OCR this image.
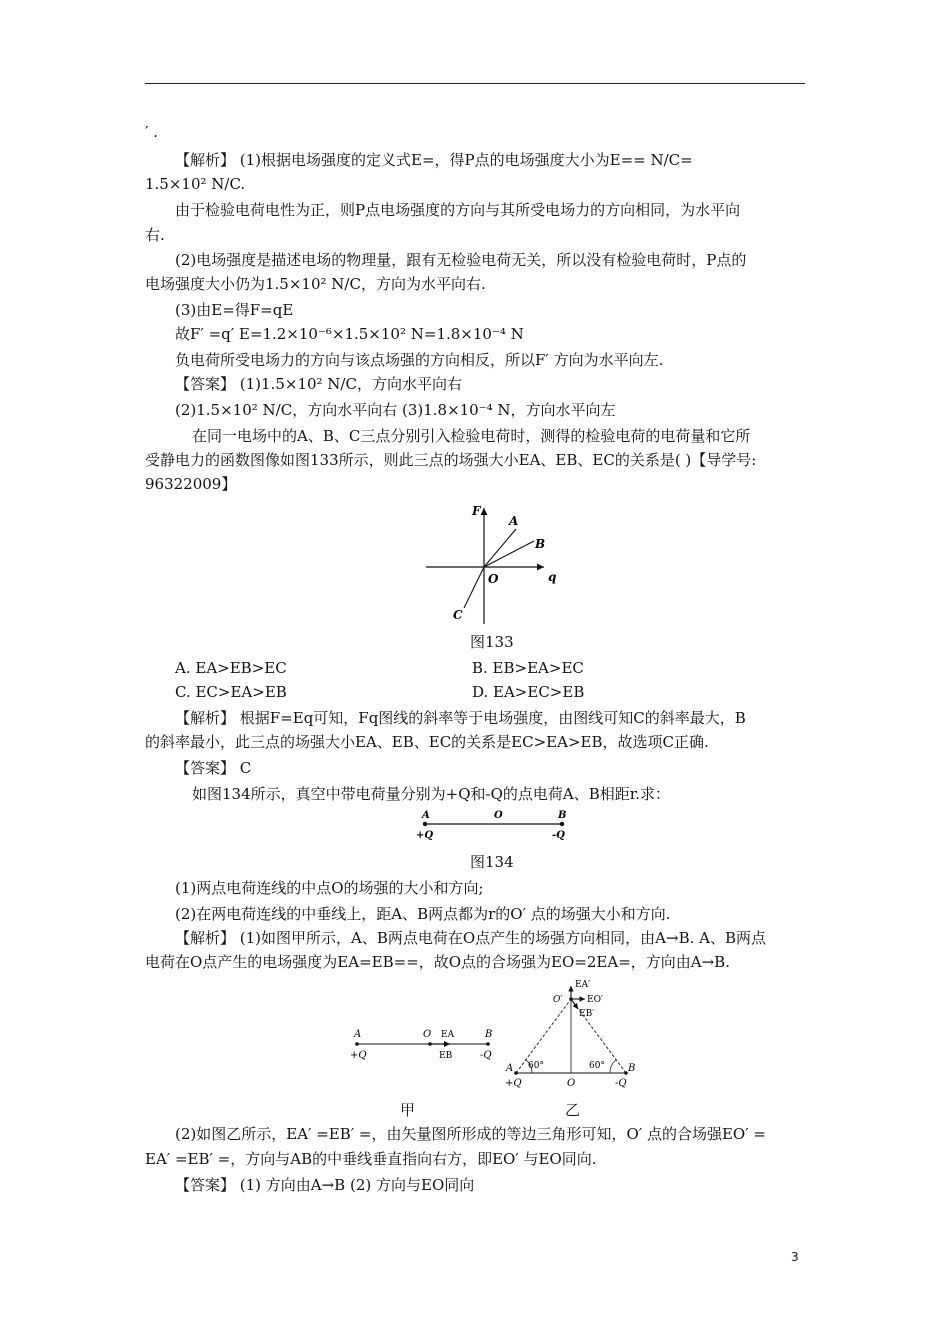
′ .
【解析】 (1)根据电场强度的定义式E=，得P点的电场强度大小为E== N/C=
1.5×10² N/C.
由于检验电荷电性为正，则P点电场强度的方向与其所受电场力的方向相同，为水平向
右.
(2)电场强度是描述电场的物理量，跟有无检验电荷无关，所以没有检验电荷时，P点的
电场强度大小仍为1.5×10² N/C，方向为水平向右.
(3)由E=得F=qE
故F′ =q′ E=1.2×10⁻⁶×1.5×10² N=1.8×10⁻⁴ N
负电荷所受电场力的方向与该点场强的方向相反，所以F′ 方向为水平向左.
【答案】 (1)1.5×10² N/C，方向水平向右
(2)1.5×10² N/C，方向水平向右 (3)1.8×10⁻⁴ N，方向水平向左
在同一电场中的A、B、C三点分别引入检验电荷时，测得的检验电荷的电荷量和它所
受静电力的函数图像如图133所示，则此三点的场强大小EA、EB、EC的关系是( )【导学号:
96322009】
F
q
O
A
B
C
图133
A. EA>EB>EC	B. EB>EA>EC
C. EC>EA>EB	D. EA>EC>EB
【解析】 根据F=Eq可知，Fq图线的斜率等于电场强度，由图线可知C的斜率最大，B
的斜率最小，此三点的场强大小EA、EB、EC的关系是EC>EA>EB，故选项C正确.
【答案】 C
如图134所示，真空中带电荷量分别为+Q和-Q的点电荷A、B相距r.求：
A	O	B
+Q	-Q
图134
(1)两点电荷连线的中点O的场强的大小和方向;
(2)在两电荷连线的中垂线上，距A、B两点都为r的O′ 点的场强大小和方向.
【解析】 (1)如图甲所示，A、B两点电荷在O点产生的场强方向相同，由A→B. A、B两点
电荷在O点产生的电场强度为EA=EB==，故O点的合场强为EO=2EA=，方向由A→B.
A	O EA	B
+Q	EB	-Q
甲
EA′
O′	EO′
EB′
A 60°	60° B
+Q	O	-Q
乙
(2)如图乙所示，EA′ =EB′ =，由矢量图所形成的等边三角形可知，O′ 点的合场强EO′ =
EA′ =EB′ =，方向与AB的中垂线垂直指向右方，即EO′ 与EO同向.
【答案】 (1) 方向由A→B (2) 方向与EO同向
3
